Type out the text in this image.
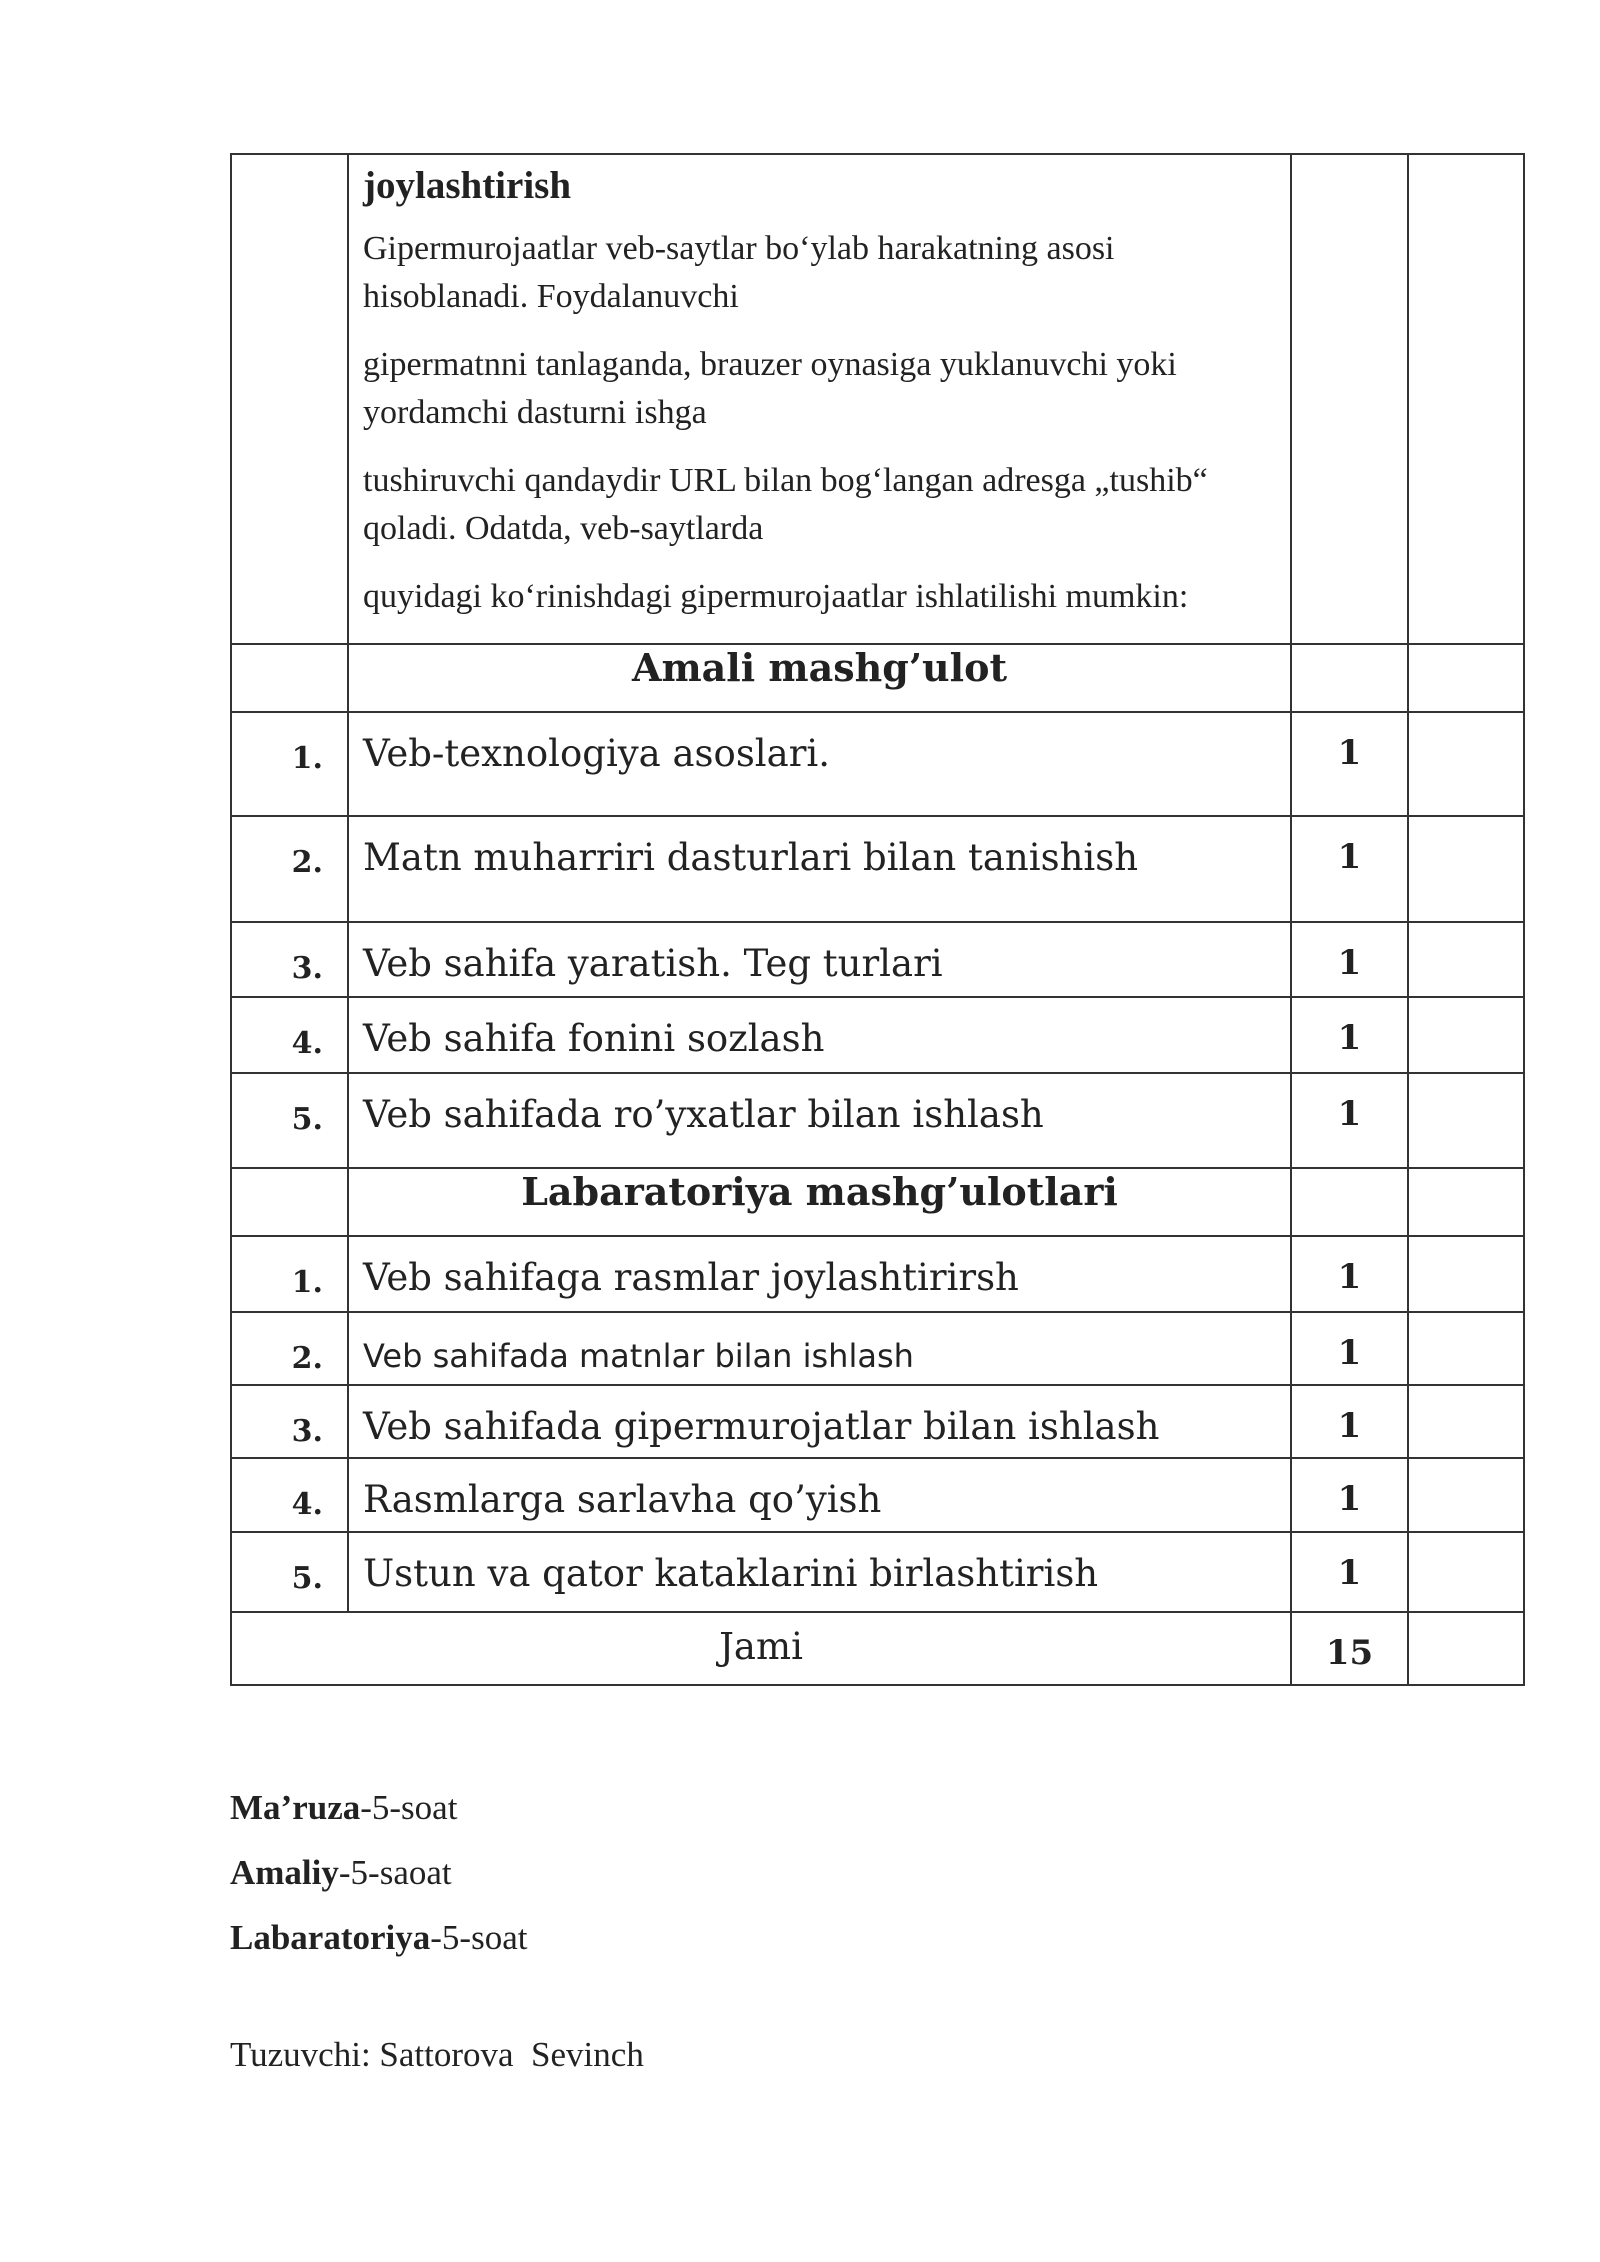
	joylashtirish
Gipermurojaatlar veb-saytlar bo‘ylab harakatning asosi hisoblanadi. Foydalanuvchi
gipermatnni tanlaganda, brauzer oynasiga yuklanuvchi yoki yordamchi dasturni ishga
tushiruvchi qandaydir URL bilan bog‘langan adresga „tushib“ qoladi. Odatda, veb-saytlarda
quyidagi ko‘rinishdagi gipermurojaatlar ishlatilishi mumkin:		

	Amali mashg’ulot		
1.	Veb-texnologiya asoslari.	1	
2.	Matn muharriri dasturlari bilan tanishish	1	
3.	Veb sahifa yaratish. Teg turlari	1	
4.	Veb sahifa fonini sozlash	1	
5.	Veb sahifada ro’yxatlar bilan ishlash	1	
	Labaratoriya mashg’ulotlari		
1.	Veb sahifaga rasmlar joylashtirirsh	1	
2.	Veb sahifada matnlar bilan ishlash	1	
3.	Veb sahifada gipermurojatlar bilan ishlash	1	
4.	Rasmlarga sarlavha qo’yish	1	
5.	Ustun va qator kataklarini birlashtirish	1	
Jami		15	
Ma’ruza-5-soat
Amaliy-5-saoat
Labaratoriya-5-soat
Tuzuvchi: Sattorova  Sevinch
